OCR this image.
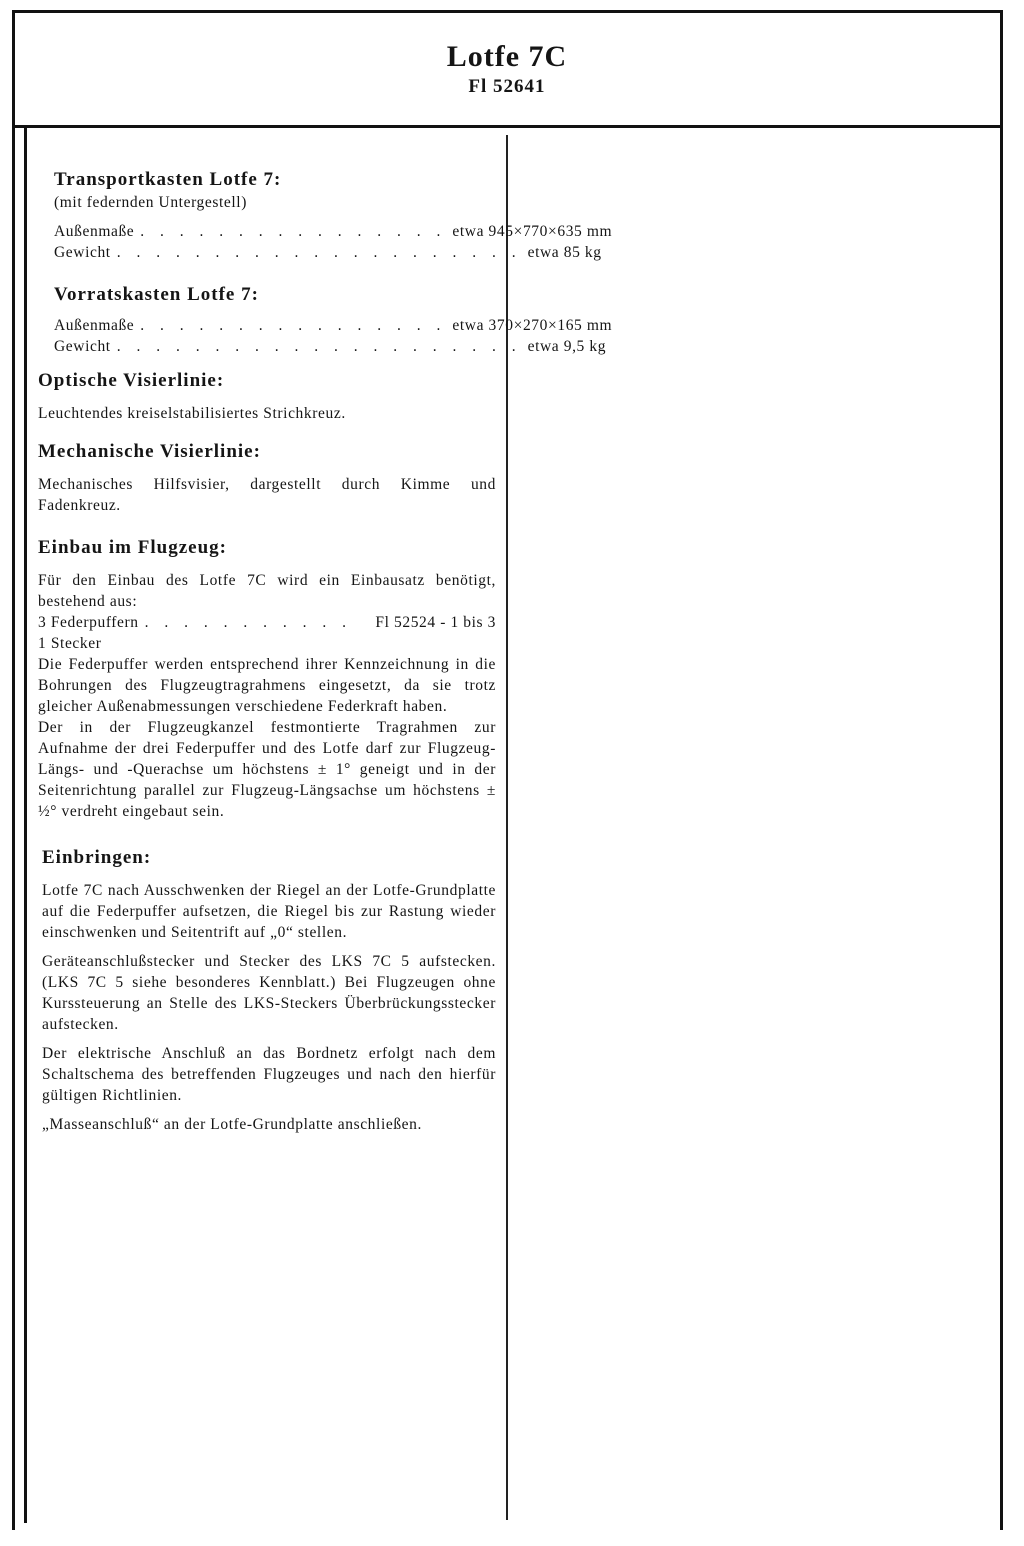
Lotfe 7C
Fl 52641
Transportkasten Lotfe 7:

(mit federnden Untergestell)

Außenmaße . . . . . . . . . . . . . . . . etwa 945×770×635 mm
Gewicht . . . . . . . . . . . . . . . . . . . . . etwa 85 kg
Vorratskasten Lotfe 7:
Außenmaße . . . . . . . . . . . . . . . . etwa 370×270×165 mm
Gewicht . . . . . . . . . . . . . . . . . . . . . etwa 9,5 kg
Optische Visierlinie:

Leuchtendes kreiselstabilisiertes Strichkreuz.

Mechanische Visierlinie:

Mechanisches Hilfsvisier, dargestellt durch Kimme und Fadenkreuz.

Einbau im Flugzeug:

Für den Einbau des Lotfe 7C wird ein Einbausatz benötigt, bestehend aus:

3 Federpuffern . . . . . . . . . . .	Fl 52524 - 1 bis 3

1 Stecker

Die Federpuffer werden entsprechend ihrer Kennzeichnung in die Bohrungen des Flugzeugtragrahmens eingesetzt, da sie trotz gleicher Außenabmessungen verschiedene Federkraft haben.

Der in der Flugzeugkanzel festmontierte Tragrahmen zur Aufnahme der drei Federpuffer und des Lotfe darf zur Flugzeug-Längs- und -Querachse um höchstens ± 1° geneigt und in der Seitenrichtung parallel zur Flugzeug-Längsachse um höchstens ± ½° verdreht eingebaut sein.

Einbringen:

Lotfe 7C nach Ausschwenken der Riegel an der Lotfe-Grundplatte auf die Federpuffer aufsetzen, die Riegel bis zur Rastung wieder einschwenken und Seitentrift auf „0“ stellen.

Geräteanschlußstecker und Stecker des LKS 7C 5 aufstecken. (LKS 7C 5 siehe besonderes Kennblatt.) Bei Flugzeugen ohne Kurssteuerung an Stelle des LKS-Steckers Überbrückungsstecker aufstecken.

Der elektrische Anschluß an das Bordnetz erfolgt nach dem Schaltschema des betreffenden Flugzeuges und nach den hierfür gültigen Richtlinien.

„Masseanschluß“ an der Lotfe-Grundplatte anschließen.
